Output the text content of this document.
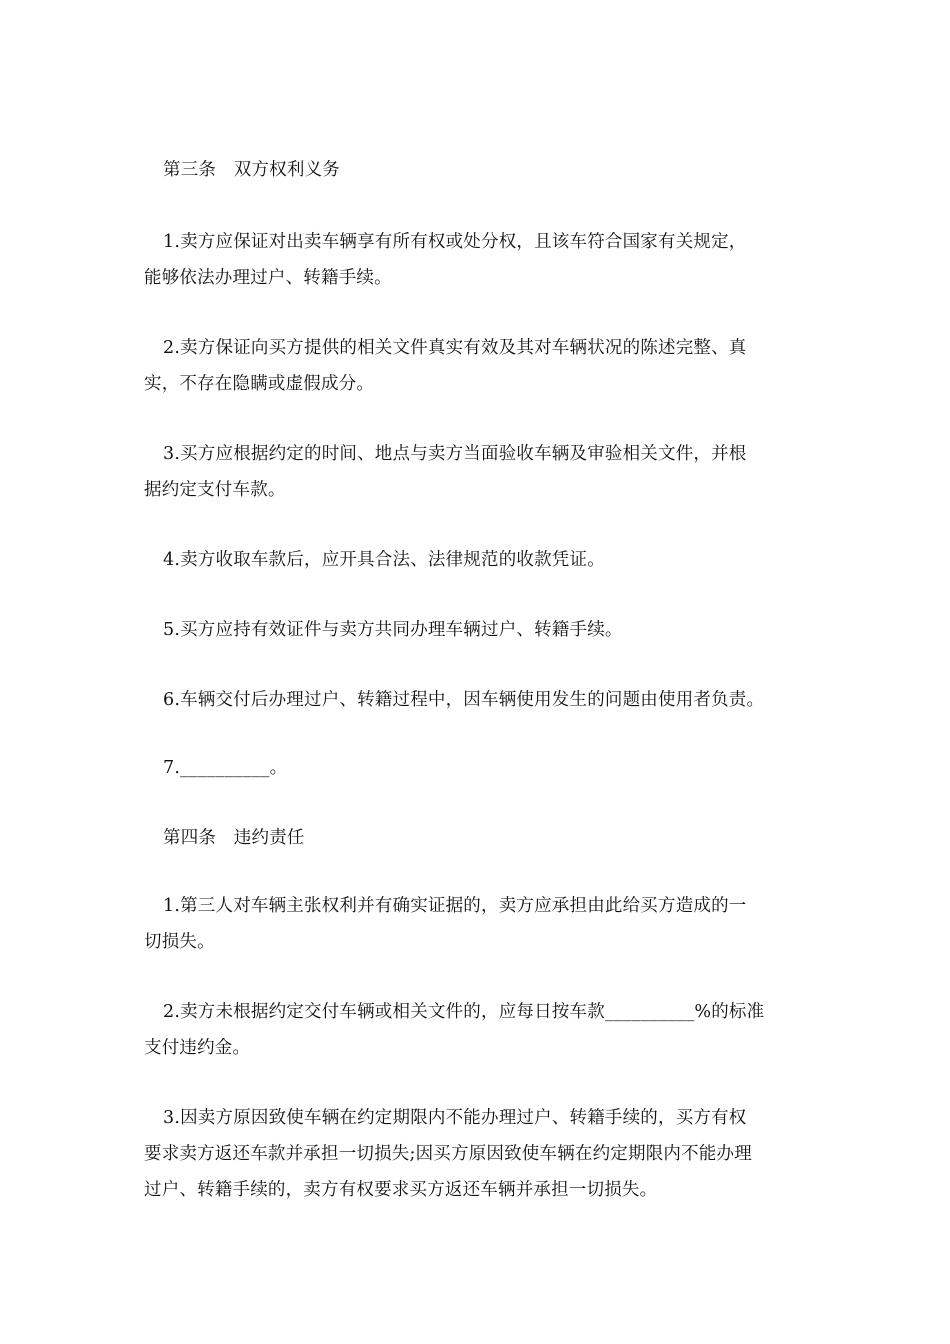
第三条　双方权利义务
1.卖方应保证对出卖车辆享有所有权或处分权，且该车符合国家有关规定，
能够依法办理过户、转籍手续。
2.卖方保证向买方提供的相关文件真实有效及其对车辆状况的陈述完整、真
实，不存在隐瞒或虚假成分。
3.买方应根据约定的时间、地点与卖方当面验收车辆及审验相关文件，并根
据约定支付车款。
4.卖方收取车款后，应开具合法、法律规范的收款凭证。
5.买方应持有效证件与卖方共同办理车辆过户、转籍手续。
6.车辆交付后办理过户、转籍过程中，因车辆使用发生的问题由使用者负责。
7.__________。
第四条　违约责任
1.第三人对车辆主张权利并有确实证据的，卖方应承担由此给买方造成的一
切损失。
2.卖方未根据约定交付车辆或相关文件的，应每日按车款__________%的标准
支付违约金。
3.因卖方原因致使车辆在约定期限内不能办理过户、转籍手续的，买方有权
要求卖方返还车款并承担一切损失;因买方原因致使车辆在约定期限内不能办理
过户、转籍手续的，卖方有权要求买方返还车辆并承担一切损失。
